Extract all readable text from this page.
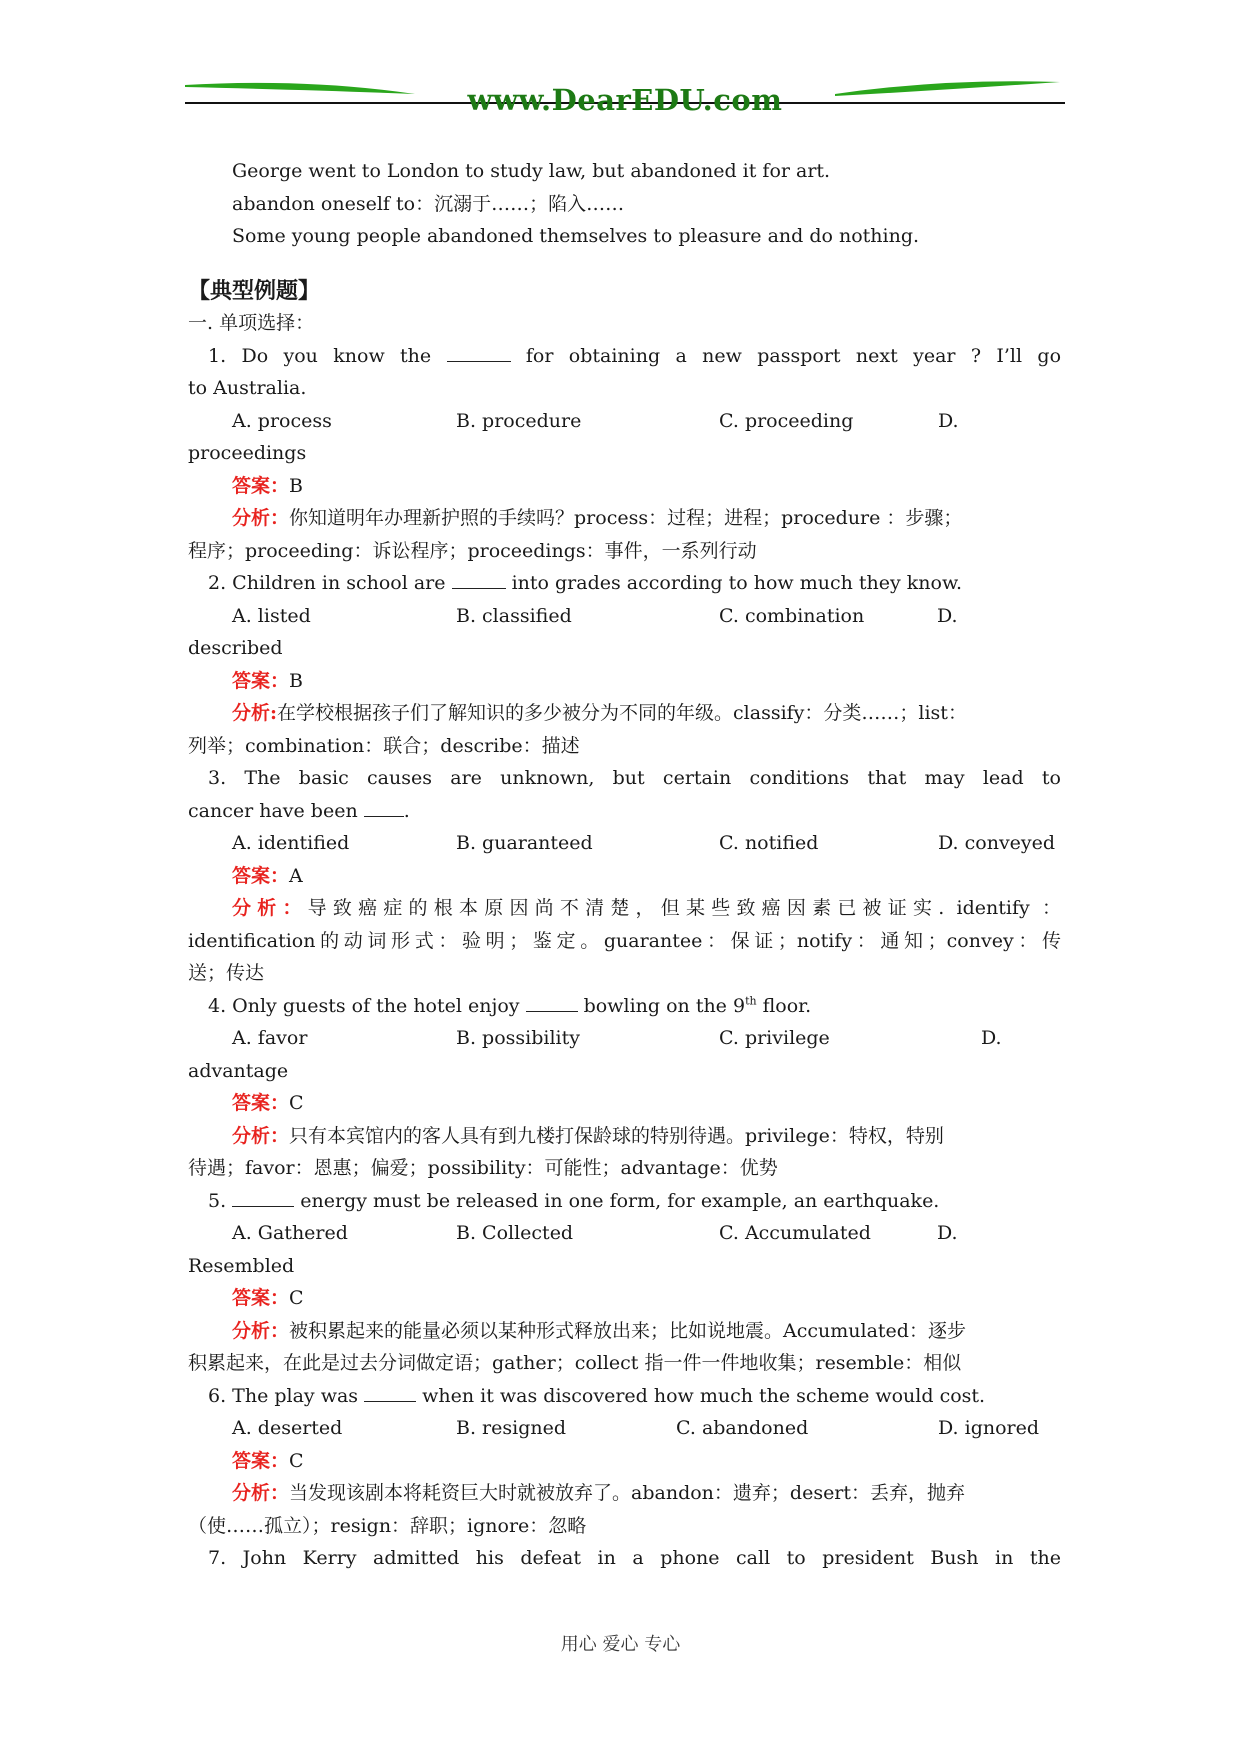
www.DearEDU.com
George went to London to study law, but abandoned it for art.
abandon oneself to：沉溺于……；陷入……
Some young people abandoned themselves to pleasure and do nothing.
【典型例题】
一. 单项选择：
1. Do you know the	for obtaining a new passport next year ? I’ll go
to Australia.
A. process	B. procedure	C. proceeding	D.
proceedings
答案：B
分析：你知道明年办理新护照的手续吗？process：过程；进程；procedure ：步骤；
程序；proceeding：诉讼程序；proceedings：事件，一系列行动
2. Children in school are	into grades according to how much they know.
A. listed	B. classified	C. combination	D.
described
答案：B
分析:在学校根据孩子们了解知识的多少被分为不同的年级。classify：分类……；list：
列举；combination：联合；describe：描述
3. The basic causes are unknown, but certain conditions that may lead to
cancer have been .
A. identified	B. guaranteed	C. notified	D. conveyed
答案：A
分析：导致癌症的根本原因尚不清楚，但某些致癌因素已被证实. identify ：
identification的动词形式：验明；鉴定。guarantee：保证；notify：通知；convey：传
送；传达
4. Only guests of the hotel enjoy	bowling on the 9th floor.
A. favor	B. possibility	C. privilege	D.
advantage
答案：C
分析：只有本宾馆内的客人具有到九楼打保龄球的特别待遇。privilege：特权，特别
待遇；favor：恩惠；偏爱；possibility：可能性；advantage：优势
5.	energy must be released in one form, for example, an earthquake.
A. Gathered	B. Collected	C. Accumulated	D.
Resembled
答案：C
分析：被积累起来的能量必须以某种形式释放出来；比如说地震。Accumulated：逐步
积累起来，在此是过去分词做定语；gather；collect 指一件一件地收集；resemble：相似
6. The play was	when it was discovered how much the scheme would cost.
A. deserted	B. resigned	C. abandoned	D. ignored
答案：C
分析：当发现该剧本将耗资巨大时就被放弃了。abandon：遗弃；desert：丢弃，抛弃
（使……孤立）；resign：辞职；ignore：忽略
7. John Kerry admitted his defeat in a phone call to president Bush in the
用心 爱心 专心
